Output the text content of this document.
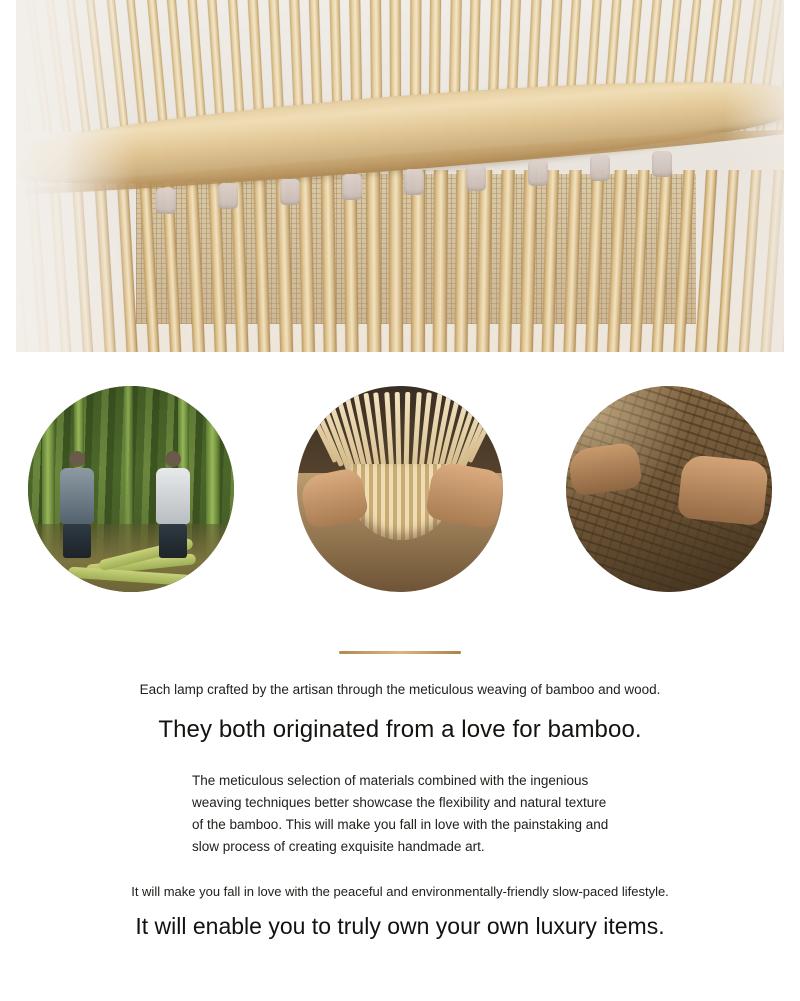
Each lamp crafted by the artisan through the meticulous weaving of bamboo and wood.
They both originated from a love for bamboo.
The meticulous selection of materials combined with the ingenious weaving techniques better showcase the flexibility and natural texture of the bamboo. This will make you fall in love with the painstaking and slow process of creating exquisite handmade art.
It will make you fall in love with the peaceful and environmentally-friendly slow-paced lifestyle.
It will enable you to truly own your own luxury items.
